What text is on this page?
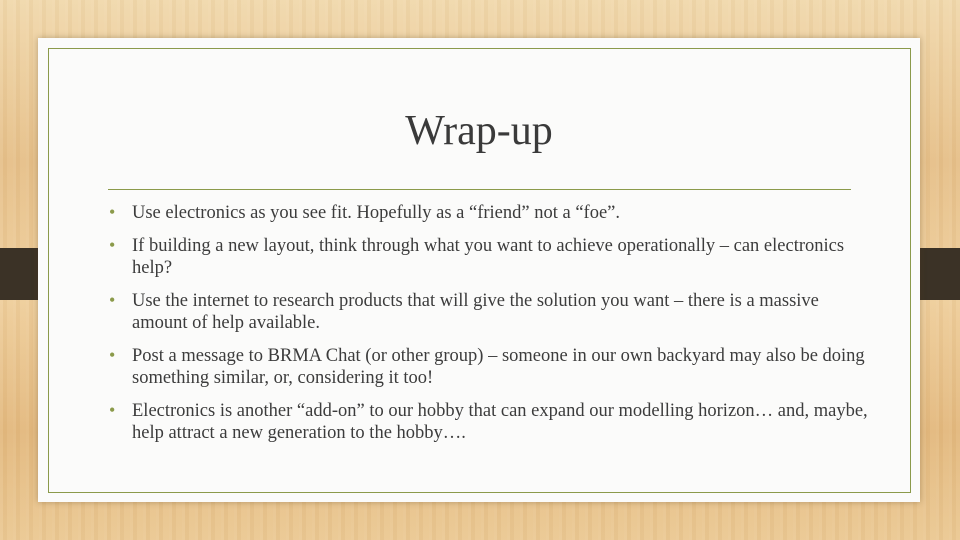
Wrap-up
• Use electronics as you see fit. Hopefully as a “friend” not a “foe”.
• If building a new layout, think through what you want to achieve operationally – can electronics help?
• Use the internet to research products that will give the solution you want – there is a massive amount of help available.
• Post a message to BRMA Chat (or other group) – someone in our own backyard may also be doing something similar, or, considering it too!
• Electronics is another “add-on” to our hobby that can expand our modelling horizon… and, maybe, help attract a new generation to the hobby….
